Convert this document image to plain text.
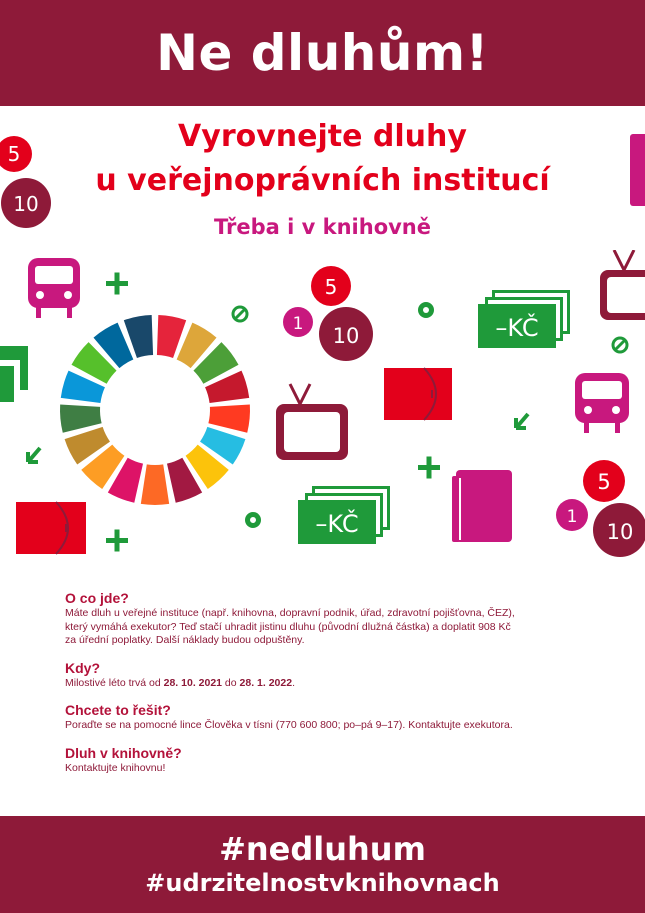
Ne dluhům!
Vyrovnejte dluhy
u veřejnoprávních institucí
Třeba i v knihovně
5
10
5
1 10
5
1
10
–KČ
–KČ
O co jde?

Máte dluh u veřejné instituce (např. knihovna, dopravní podnik, úřad, zdravotní pojišťovna, ČEZ),
který vymáhá exekutor? Teď stačí uhradit jistinu dluhu (původní dlužná částka) a doplatit 908 Kč
za úřední poplatky. Další náklady budou odpuštěny.

Kdy?

Milostivé léto trvá od 28. 10. 2021 do 28. 1. 2022.

Chcete to řešit?

Poraďte se na pomocné lince Člověka v tísni (770 600 800; po–pá 9–17). Kontaktujte exekutora.

Dluh v knihovně?

Kontaktujte knihovnu!

#nedluhum
#udrzitelnostvknihovnach
